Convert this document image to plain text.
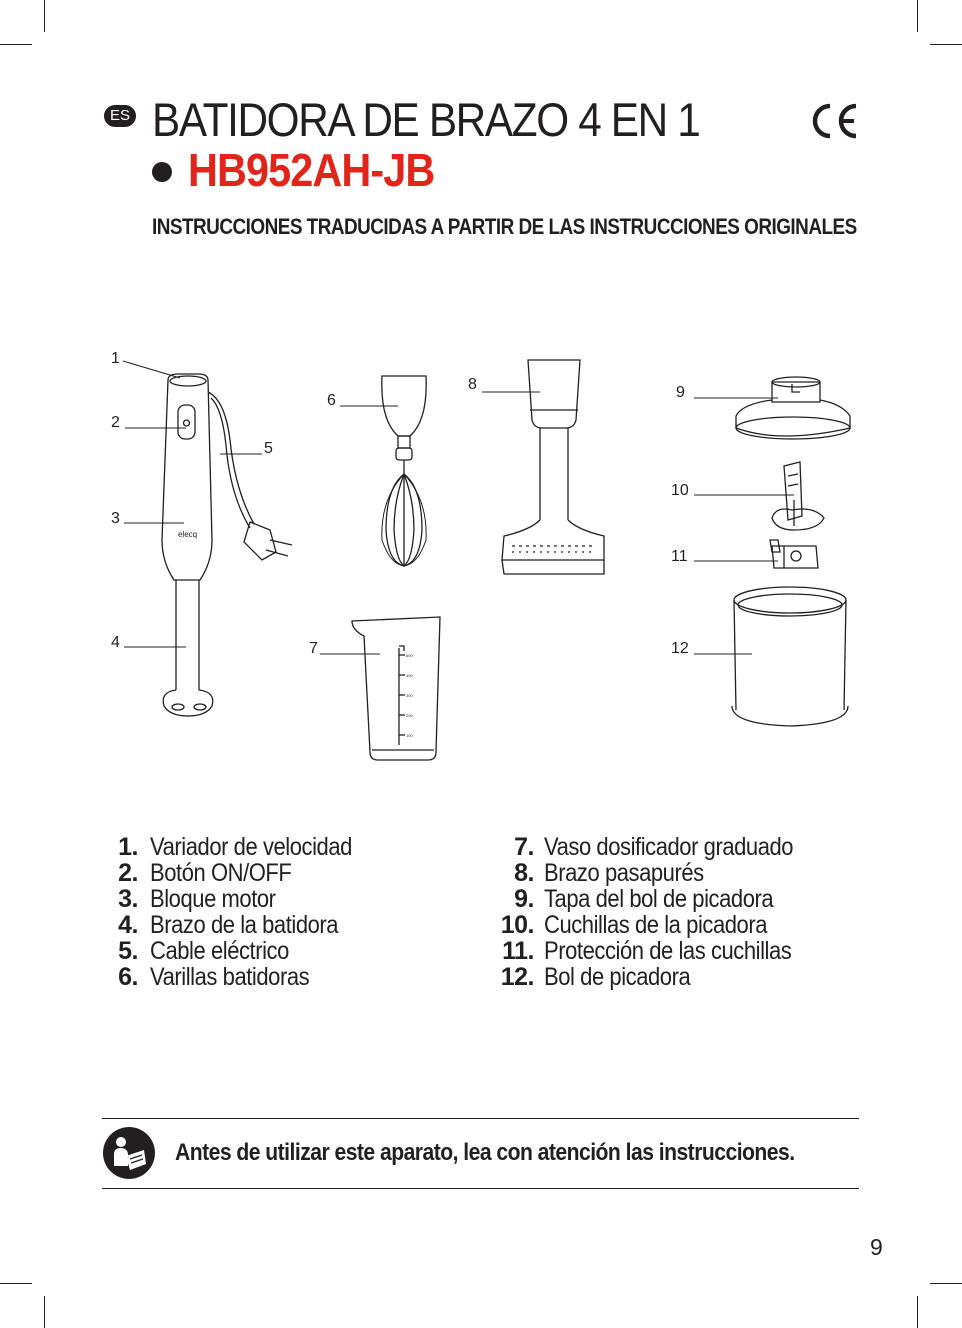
ES BATIDORA DE BRAZO 4 EN 1
HB952AH-JB
INSTRUCCIONES TRADUCIDAS A PARTIR DE LAS INSTRUCCIONES ORIGINALES
elecq
600
400
300
200
100
1
2
3
4
5
6
7
8	9
10
11
12
1. Variador de velocidad
2. Botón ON/OFF
3. Bloque motor
4. Brazo de la batidora
5. Cable eléctrico
6. Varillas batidoras
7. Vaso dosificador graduado
8. Brazo pasapurés
9. Tapa del bol de picadora
10. Cuchillas de la picadora
11. Protección de las cuchillas
12. Bol de picadora

Antes de utilizar este aparato, lea con atención las instrucciones.

9
